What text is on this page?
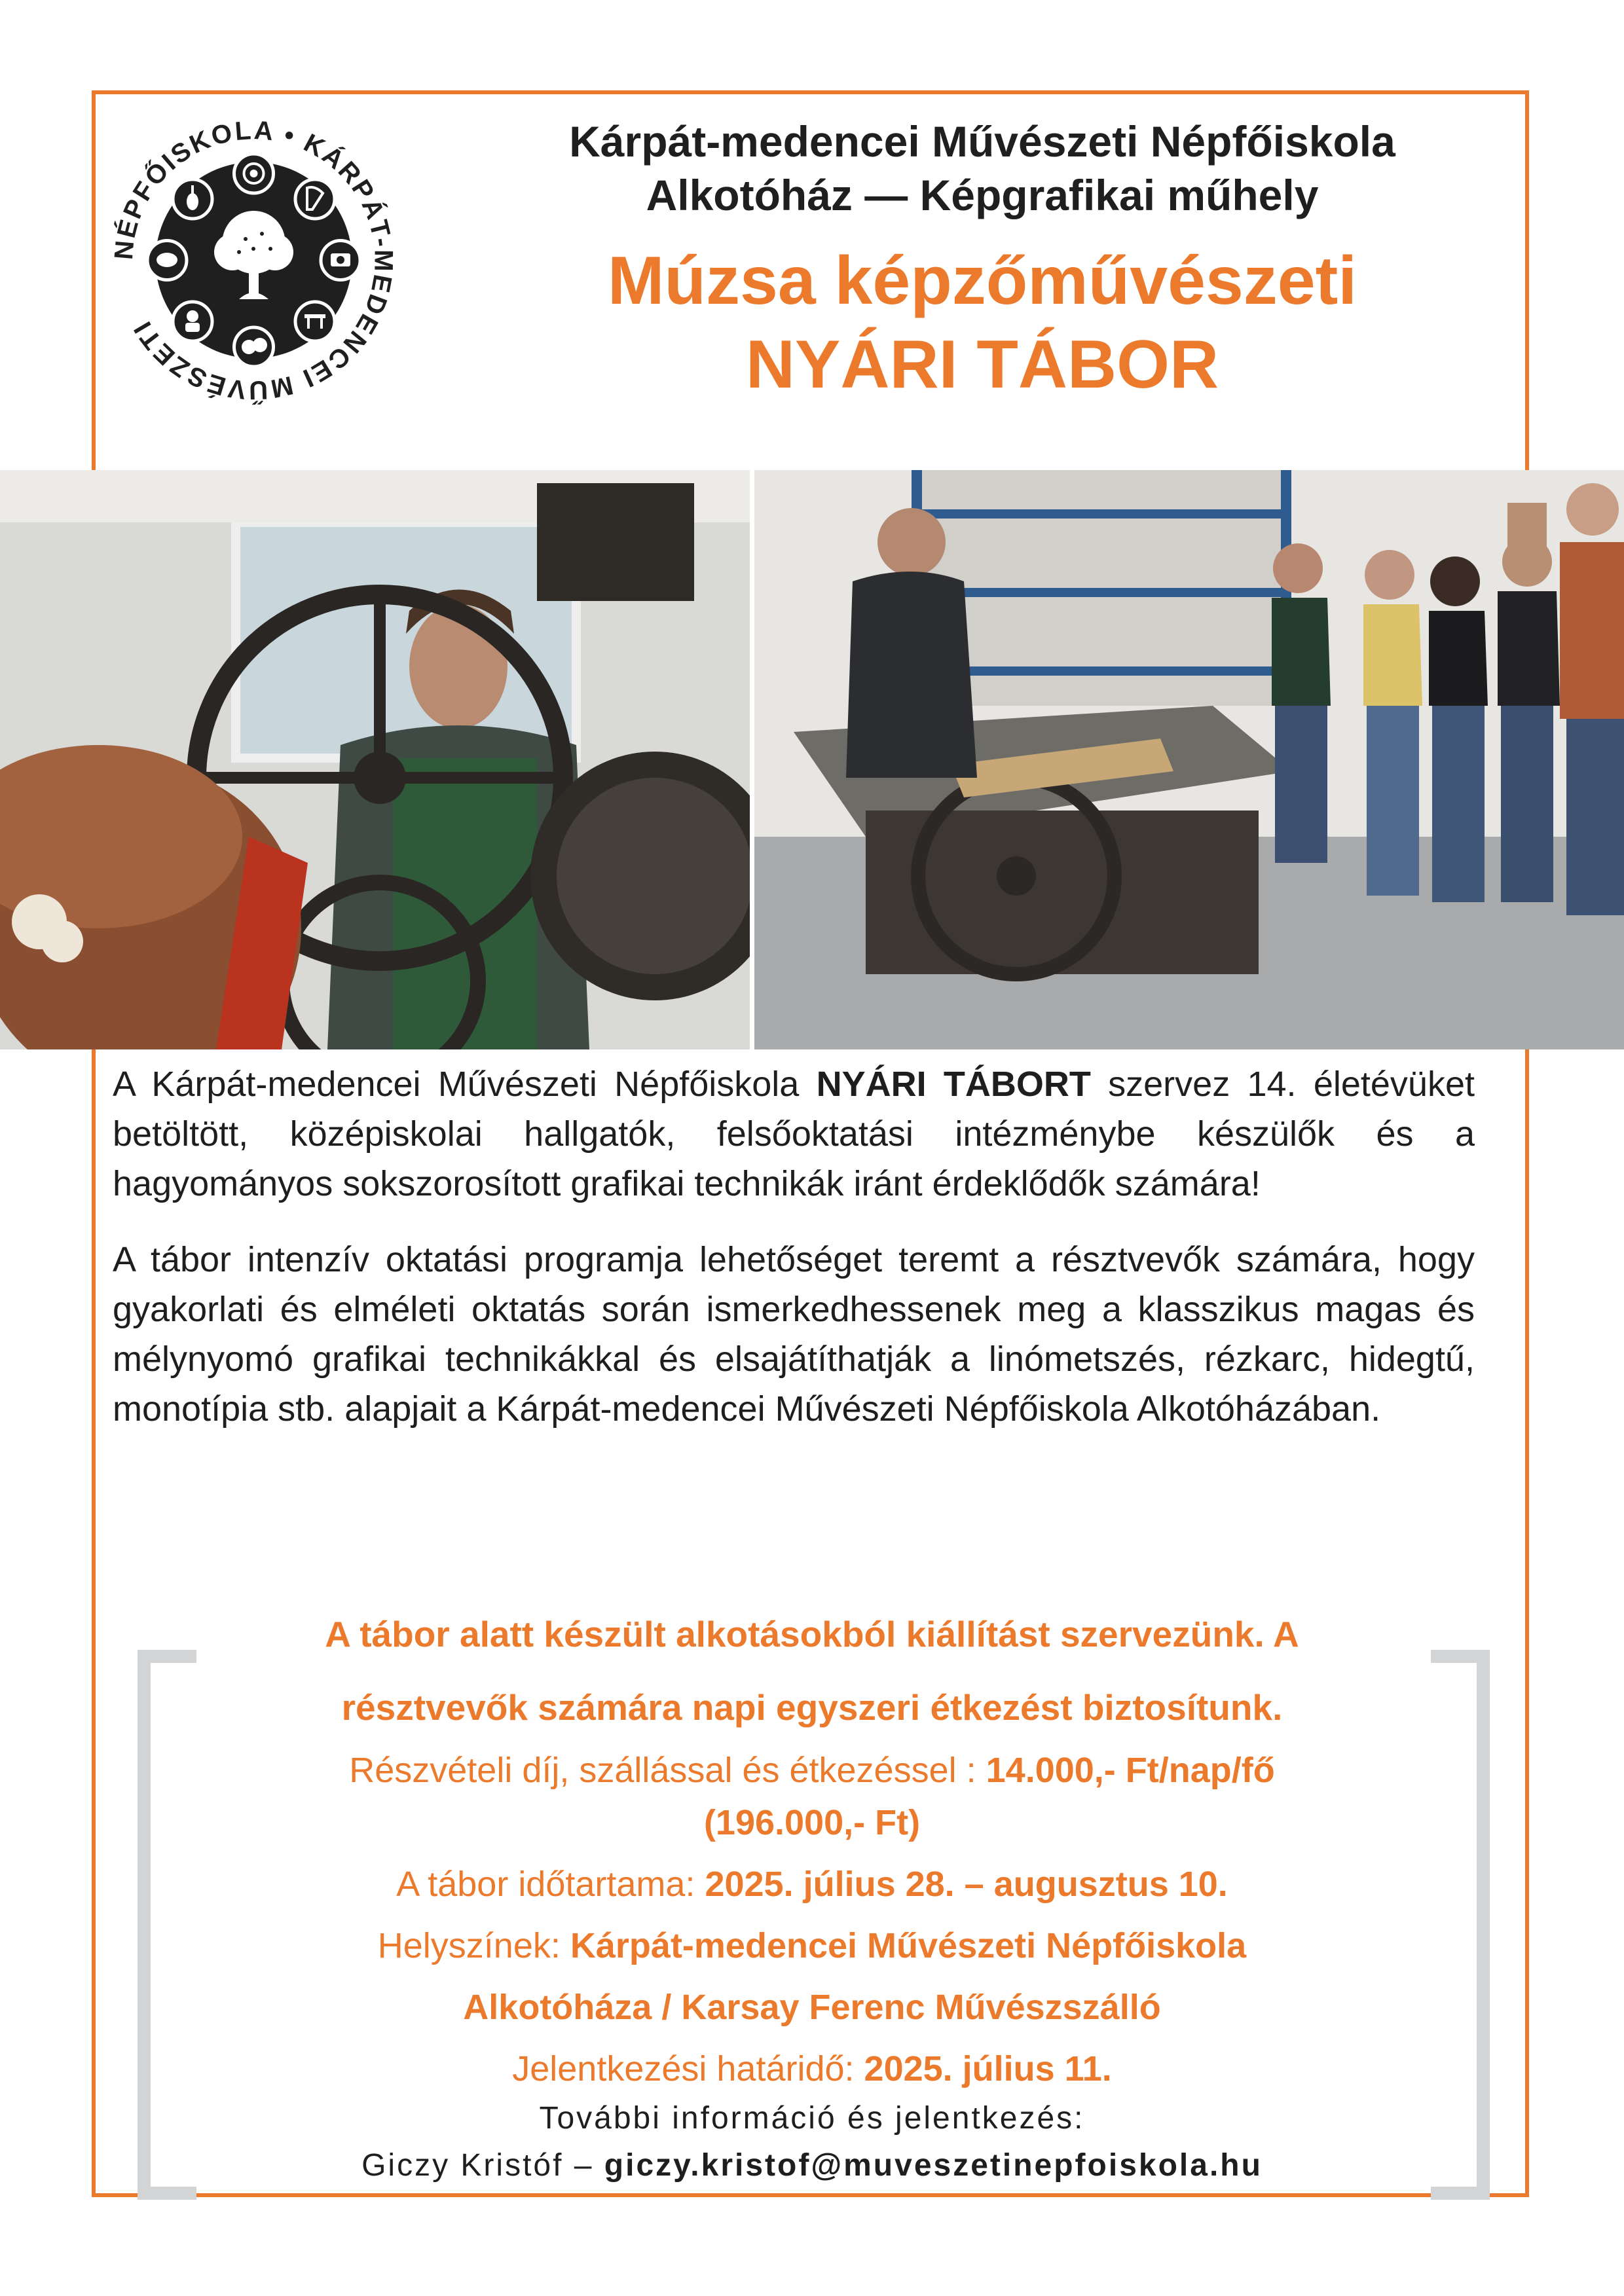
NÉPFŐISKOLA • KÁRPÁT-MEDENCEI MŰVÉSZETI
Kárpát-medencei Művészeti Népfőiskola
Alkotóház — Képgrafikai műhely
Múzsa képzőművészeti
NYÁRI TÁBOR

A Kárpát-medencei Művészeti Népfőiskola NYÁRI TÁBORT szervez 14. életévüket betöltött, középiskolai hallgatók, felsőoktatási intézménybe készülők és a hagyományos sokszorosított grafikai technikák iránt érdeklődők számára!

A tábor intenzív oktatási programja lehetőséget teremt a résztvevők számára, hogy gyakorlati és elméleti oktatás során ismerkedhessenek meg a klasszikus magas és mélynyomó grafikai technikákkal és elsajátíthatják a linómetszés, rézkarc, hidegtű, monotípia stb. alapjait a Kárpát-medencei Művészeti Népfőiskola Alkotóházában.

A tábor alatt készült alkotásokból kiállítást szervezünk. A
résztvevők számára napi egyszeri étkezést biztosítunk.
Részvételi díj, szállással és étkezéssel : 14.000,- Ft/nap/fő
(196.000,- Ft)
A tábor időtartama: 2025. július 28. – augusztus 10.
Helyszínek: Kárpát-medencei Művészeti Népfőiskola
Alkotóháza / Karsay Ferenc Művészszálló
Jelentkezési határidő: 2025. július 11.
További információ és jelentkezés:
Giczy Kristóf – giczy.kristof@muveszetinepfoiskola.hu
